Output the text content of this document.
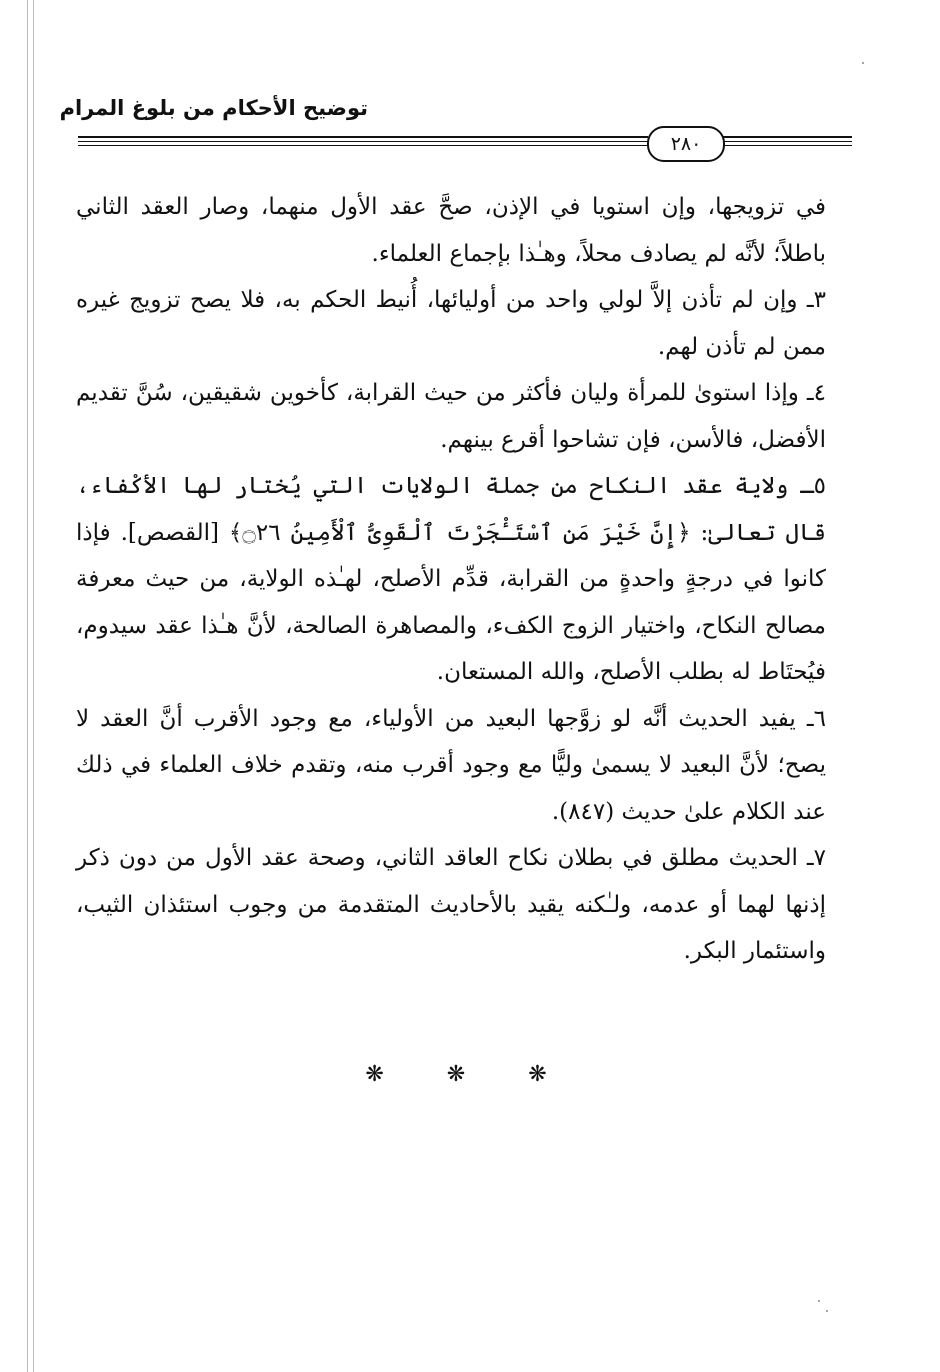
توضيح الأحكام من بلوغ المرام
٢٨٠

في تزويجها، وإن استويا في الإذن، صحَّ عقد الأول منهما، وصار العقد الثاني باطلاً؛ لأنَّه لم يصادف محلاً، وهـٰذا بإجماع العلماء.

٣ـ وإن لم تأذن إلاَّ لولي واحد من أوليائها، أُنيط الحكم به، فلا يصح تزويج غيره ممن لم تأذن لهم.

٤ـ وإذا استوىٰ للمرأة وليان فأكثر من حيث القرابة، كأخوين شقيقين، سُنَّ تقديم الأفضل، فالأسن، فإن تشاحوا أقرع بينهم.

٥ـ ولاية عقد النكاح من جملة الولايات التي يُختار لها الأكْفاء، قال تعالىٰ: ﴿إِنَّ خَيْرَ مَنِ ٱسْتَـْٔجَرْتَ ٱلْقَوِىُّ ٱلْأَمِينُ ۝٢٦﴾ [القصص]. فإذا كانوا في درجةٍ واحدةٍ من القرابة، قدِّم الأصلح، لهـٰذه الولاية، من حيث معرفة مصالح النكاح، واختيار الزوج الكفء، والمصاهرة الصالحة، لأنَّ هـٰذا عقد سيدوم، فيُحتَاط له بطلب الأصلح، والله المستعان.

٦ـ يفيد الحديث أنَّه لو زوَّجها البعيد من الأولياء، مع وجود الأقرب أنَّ العقد لا يصح؛ لأنَّ البعيد لا يسمىٰ وليًّا مع وجود أقرب منه، وتقدم خلاف العلماء في ذلك عند الكلام علىٰ حديث (٨٤٧).

٧ـ الحديث مطلق في بطلان نكاح العاقد الثاني، وصحة عقد الأول من دون ذكر إذنها لهما أو عدمه، ولـٰكنه يقيد بالأحاديث المتقدمة من وجوب استئذان الثيب، واستئمار البكر.

❋ ❋ ❋
